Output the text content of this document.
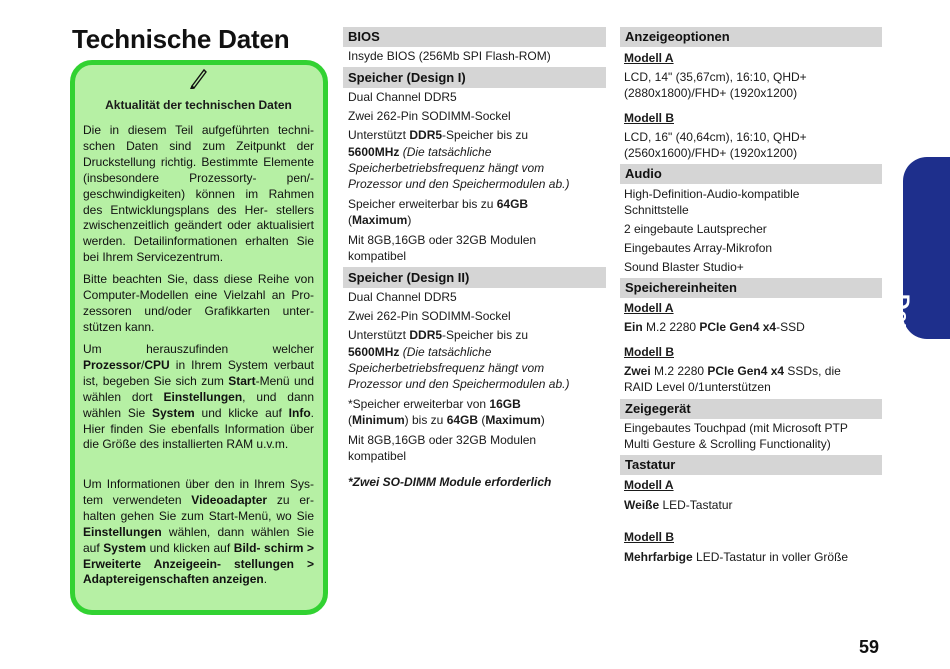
Technische Daten
Aktualität der technischen Daten
Die in diesem Teil aufgeführten techni- schen Daten sind zum Zeitpunkt der Druckstellung richtig. Bestimmte Elemente (insbesondere Prozessorty- pen/-geschwindigkeiten) können im Rahmen des Entwicklungsplans des Her- stellers zwischenzeitlich geändert oder aktualisiert werden. Detailinformationen erhalten Sie bei Ihrem Servicezentrum.
Bitte beachten Sie, dass diese Reihe von Computer-Modellen eine Vielzahl an Pro- zessoren und/oder Grafikkarten unter- stützen kann.
Um herauszufinden welcher Prozessor/CPU in Ihrem System verbaut ist, begeben Sie sich zum Start-Menü und wählen dort Einstellungen, und dann wählen Sie System und klicke auf Info. Hier finden Sie ebenfalls Information über die Größe des installierten RAM u.v.m.
Um Informationen über den in Ihrem Sys- tem verwendeten Videoadapter zu er- halten gehen Sie zum Start-Menü, wo Sie Einstellungen wählen, dann wählen Sie auf System und klicken auf Bild- schirm > Erweiterte Anzeigeein- stellungen > Adaptereigenschaften anzeigen.
BIOS
Insyde BIOS (256Mb SPI Flash-ROM)
Speicher (Design I)
Dual Channel DDR5
Zwei 262-Pin SODIMM-Sockel
Unterstützt DDR5-Speicher bis zu
5600MHz (Die tatsächliche
Speicherbetriebsfrequenz hängt vom
Prozessor und den Speichermodulen ab.)
Speicher erweiterbar bis zu 64GB
(Maximum)
Mit 8GB,16GB oder 32GB Modulen
kompatibel
Speicher (Design II)
Dual Channel DDR5
Zwei 262-Pin SODIMM-Sockel
Unterstützt DDR5-Speicher bis zu
5600MHz (Die tatsächliche
Speicherbetriebsfrequenz hängt vom
Prozessor und den Speichermodulen ab.)
*Speicher erweiterbar von 16GB
(Minimum) bis zu 64GB (Maximum)
Mit 8GB,16GB oder 32GB Modulen
kompatibel
*Zwei SO-DIMM Module erforderlich
Anzeigeoptionen
Modell A
LCD, 14" (35,67cm), 16:10, QHD+
(2880x1800)/FHD+ (1920x1200)
Modell B
LCD, 16" (40,64cm), 16:10, QHD+
(2560x1600)/FHD+ (1920x1200)
Audio
High-Definition-Audio-kompatible
Schnittstelle
2 eingebaute Lautsprecher
Eingebautes Array-Mikrofon
Sound Blaster Studio+
Speichereinheiten
Modell A
Ein M.2 2280 PCIe Gen4 x4-SSD
Modell B
Zwei M.2 2280 PCIe Gen4 x4 SSDs, die
RAID Level 0/1unterstützen
Zeigegerät
Eingebautes Touchpad (mit Microsoft PTP
Multi Gesture & Scrolling Functionality)
Tastatur
Modell A
Weiße LED-Tastatur
Modell B
Mehrfarbige LED-Tastatur in voller Größe
Deutsch
59
